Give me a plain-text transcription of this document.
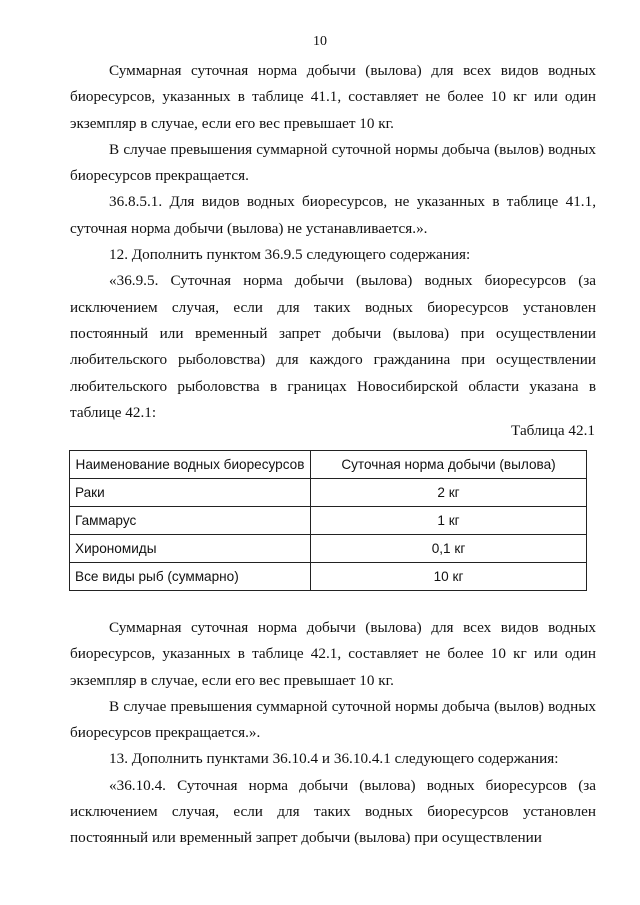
10

Суммарная суточная норма добычи (вылова) для всех видов водных биоресурсов, указанных в таблице 41.1, составляет не более 10 кг или один экземпляр в случае, если его вес превышает 10 кг.

В случае превышения суммарной суточной нормы добыча (вылов) водных биоресурсов прекращается.

36.8.5.1. Для видов водных биоресурсов, не указанных в таблице 41.1, суточная норма добычи (вылова) не устанавливается.».

12. Дополнить пунктом 36.9.5 следующего содержания:

«36.9.5. Суточная норма добычи (вылова) водных биоресурсов (за исключением случая, если для таких водных биоресурсов установлен постоянный или временный запрет добычи (вылова) при осуществлении любительского рыболовства) для каждого гражданина при осуществлении любительского рыболовства в границах Новосибирской области указана в таблице 42.1:

Таблица 42.1
Наименование водных биоресурсов	Суточная норма добычи (вылова)
Раки	2 кг
Гаммарус	1 кг
Хирономиды	0,1 кг
Все виды рыб (суммарно)	10 кг

Суммарная суточная норма добычи (вылова) для всех видов водных биоресурсов, указанных в таблице 42.1, составляет не более 10 кг или один экземпляр в случае, если его вес превышает 10 кг.

В случае превышения суммарной суточной нормы добыча (вылов) водных биоресурсов прекращается.».

13. Дополнить пунктами 36.10.4 и 36.10.4.1 следующего содержания:

«36.10.4. Суточная норма добычи (вылова) водных биоресурсов (за исключением случая, если для таких водных биоресурсов установлен постоянный или временный запрет добычи (вылова) при осуществлении
